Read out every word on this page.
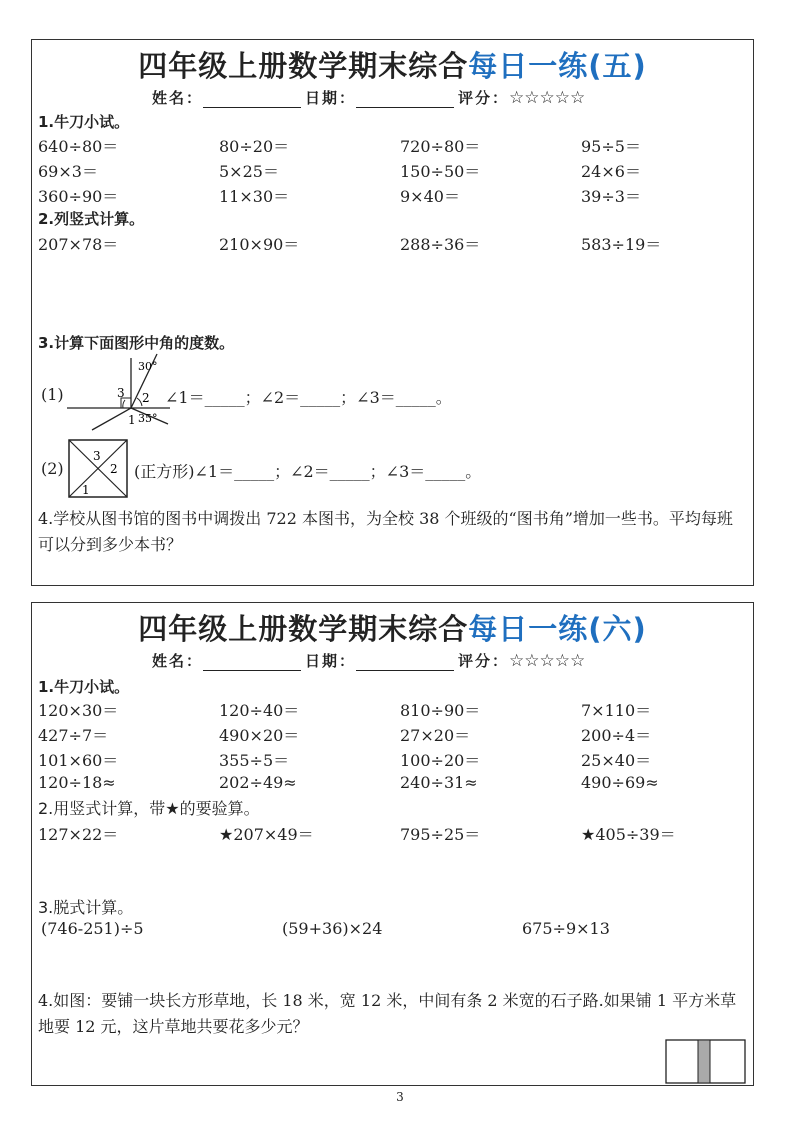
四年级上册数学期末综合每日一练(五)
姓名：	日期：	评分：☆☆☆☆☆
1.牛刀小试。
640÷80＝	80÷20＝	720÷80＝	95÷5＝
69×3＝	5×25＝	150÷50＝	24×6＝
360÷90＝	11×30＝	9×40＝	39÷3＝
2.列竖式计算。
207×78＝	210×90＝	288÷36＝	583÷19＝
3.计算下面图形中角的度数。
(1)
30°
2
3
1 35°
∠1＝_____；∠2＝_____；∠3＝_____。
(2)
3
2
1
(正方形)∠1＝_____；∠2＝_____；∠3＝_____。
4.学校从图书馆的图书中调拨出 722 本图书，为全校 38 个班级的“图书角”增加一些书。平均每班可以分到多少本书？
四年级上册数学期末综合每日一练(六)
姓名：	日期：	评分：☆☆☆☆☆
1.牛刀小试。
120×30＝	120÷40＝	810÷90＝	7×110＝
427÷7＝	490×20＝	27×20＝	200÷4＝
101×60＝	355÷5＝	100÷20＝	25×40＝
120÷18≈	202÷49≈	240÷31≈	490÷69≈
2.用竖式计算，带★的要验算。
127×22＝	★207×49＝	795÷25＝	★405÷39＝
3.脱式计算。
(746-251)÷5	(59+36)×24	675÷9×13
4.如图：要铺一块长方形草地，长 18 米，宽 12 米，中间有条 2 米宽的石子路.如果铺 1 平方米草地要 12 元，这片草地共要花多少元？
3
